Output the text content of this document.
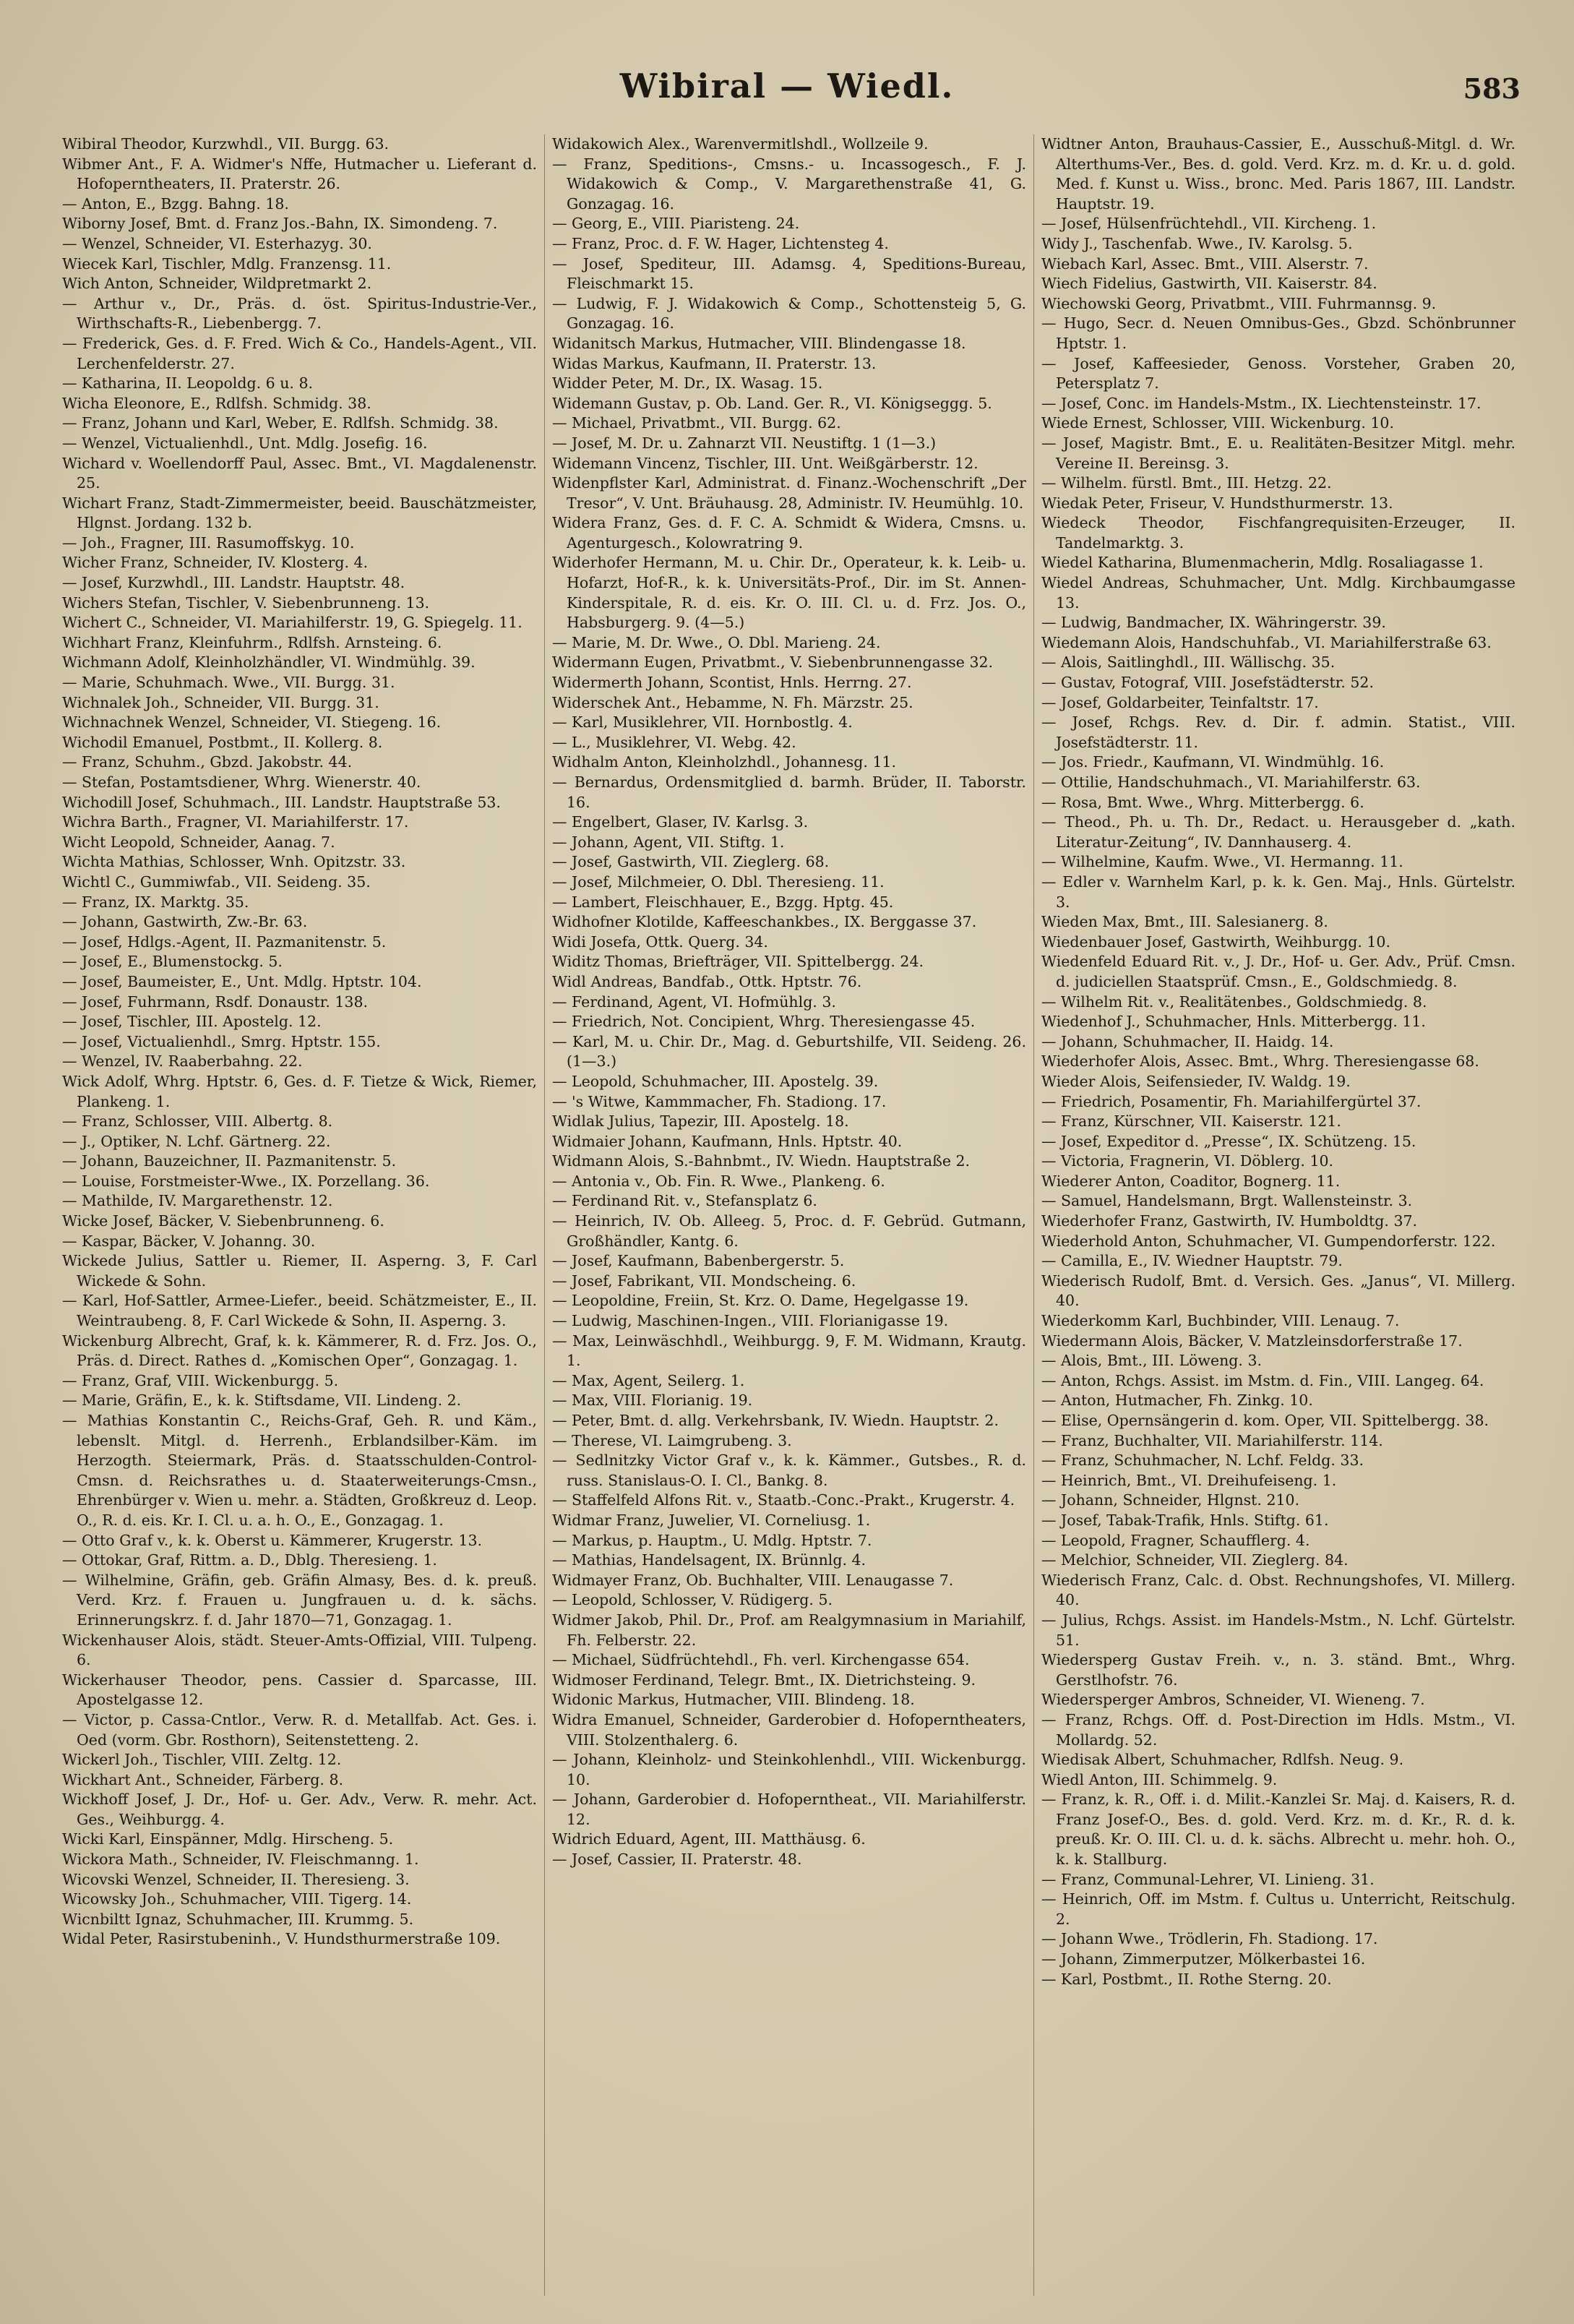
Wibiral — Wiedl.	583

Wibiral Theodor, Kurzwhdl., VII. Burgg. 63.

Wibmer Ant., F. A. Widmer's Nffe, Hutmacher u. Lieferant d. Hofoperntheaters, II. Praterstr. 26.

— Anton, E., Bzgg. Bahng. 18.

Wiborny Josef, Bmt. d. Franz Jos.-Bahn, IX. Simondeng. 7.

— Wenzel, Schneider, VI. Esterhazyg. 30.

Wiecek Karl, Tischler, Mdlg. Franzensg. 11.

Wich Anton, Schneider, Wildpretmarkt 2.

— Arthur v., Dr., Präs. d. öst. Spiritus-Industrie-Ver., Wirthschafts-R., Liebenbergg. 7.

— Frederick, Ges. d. F. Fred. Wich & Co., Handels-Agent., VII. Lerchenfelderstr. 27.

— Katharina, II. Leopoldg. 6 u. 8.

Wicha Eleonore, E., Rdlfsh. Schmidg. 38.

— Franz, Johann und Karl, Weber, E. Rdlfsh. Schmidg. 38.

— Wenzel, Victualienhdl., Unt. Mdlg. Josefig. 16.

Wichard v. Woellendorff Paul, Assec. Bmt., VI. Magdalenenstr. 25.

Wichart Franz, Stadt-Zimmermeister, beeid. Bauschätzmeister, Hlgnst. Jordang. 132 b.

— Joh., Fragner, III. Rasumoffskyg. 10.

Wicher Franz, Schneider, IV. Klosterg. 4.

— Josef, Kurzwhdl., III. Landstr. Hauptstr. 48.

Wichers Stefan, Tischler, V. Siebenbrunneng. 13.

Wichert C., Schneider, VI. Mariahilferstr. 19, G. Spiegelg. 11.

Wichhart Franz, Kleinfuhrm., Rdlfsh. Arnsteing. 6.

Wichmann Adolf, Kleinholzhändler, VI. Windmühlg. 39.

— Marie, Schuhmach. Wwe., VII. Burgg. 31.

Wichnalek Joh., Schneider, VII. Burgg. 31.

Wichnachnek Wenzel, Schneider, VI. Stiegeng. 16.

Wichodil Emanuel, Postbmt., II. Kollerg. 8.

— Franz, Schuhm., Gbzd. Jakobstr. 44.

— Stefan, Postamtsdiener, Whrg. Wienerstr. 40.

Wichodill Josef, Schuhmach., III. Landstr. Hauptstraße 53.

Wichra Barth., Fragner, VI. Mariahilferstr. 17.

Wicht Leopold, Schneider, Aanag. 7.

Wichta Mathias, Schlosser, Wnh. Opitzstr. 33.

Wichtl C., Gummiwfab., VII. Seideng. 35.

— Franz, IX. Marktg. 35.

— Johann, Gastwirth, Zw.-Br. 63.

— Josef, Hdlgs.-Agent, II. Pazmanitenstr. 5.

— Josef, E., Blumenstockg. 5.

— Josef, Baumeister, E., Unt. Mdlg. Hptstr. 104.

— Josef, Fuhrmann, Rsdf. Donaustr. 138.

— Josef, Tischler, III. Apostelg. 12.

— Josef, Victualienhdl., Smrg. Hptstr. 155.

— Wenzel, IV. Raaberbahng. 22.

Wick Adolf, Whrg. Hptstr. 6, Ges. d. F. Tietze & Wick, Riemer, Plankeng. 1.

— Franz, Schlosser, VIII. Albertg. 8.

— J., Optiker, N. Lchf. Gärtnerg. 22.

— Johann, Bauzeichner, II. Pazmanitenstr. 5.

— Louise, Forstmeister-Wwe., IX. Porzellang. 36.

— Mathilde, IV. Margarethenstr. 12.

Wicke Josef, Bäcker, V. Siebenbrunneng. 6.

— Kaspar, Bäcker, V. Johanng. 30.

Wickede Julius, Sattler u. Riemer, II. Asperng. 3, F. Carl Wickede & Sohn.

— Karl, Hof-Sattler, Armee-Liefer., beeid. Schätzmeister, E., II. Weintraubeng. 8, F. Carl Wickede & Sohn, II. Asperng. 3.

Wickenburg Albrecht, Graf, k. k. Kämmerer, R. d. Frz. Jos. O., Präs. d. Direct. Rathes d. „Komischen Oper“, Gonzagag. 1.

— Franz, Graf, VIII. Wickenburgg. 5.

— Marie, Gräfin, E., k. k. Stiftsdame, VII. Lindeng. 2.

— Mathias Konstantin C., Reichs-Graf, Geh. R. und Käm., lebenslt. Mitgl. d. Herrenh., Erblandsilber-Käm. im Herzogth. Steiermark, Präs. d. Staatsschulden-Control-Cmsn. d. Reichsrathes u. d. Staaterweiterungs-Cmsn., Ehrenbürger v. Wien u. mehr. a. Städten, Großkreuz d. Leop. O., R. d. eis. Kr. I. Cl. u. a. h. O., E., Gonzagag. 1.

— Otto Graf v., k. k. Oberst u. Kämmerer, Krugerstr. 13.

— Ottokar, Graf, Rittm. a. D., Dblg. Theresieng. 1.

— Wilhelmine, Gräfin, geb. Gräfin Almasy, Bes. d. k. preuß. Verd. Krz. f. Frauen u. Jungfrauen u. d. k. sächs. Erinnerungskrz. f. d. Jahr 1870—71, Gonzagag. 1.

Wickenhauser Alois, städt. Steuer-Amts-Offizial, VIII. Tulpeng. 6.

Wickerhauser Theodor, pens. Cassier d. Sparcasse, III. Apostelgasse 12.

— Victor, p. Cassa-Cntlor., Verw. R. d. Metallfab. Act. Ges. i. Oed (vorm. Gbr. Rosthorn), Seitenstetteng. 2.

Wickerl Joh., Tischler, VIII. Zeltg. 12.

Wickhart Ant., Schneider, Färberg. 8.

Wickhoff Josef, J. Dr., Hof- u. Ger. Adv., Verw. R. mehr. Act. Ges., Weihburgg. 4.

Wicki Karl, Einspänner, Mdlg. Hirscheng. 5.

Wickora Math., Schneider, IV. Fleischmanng. 1.

Wicovski Wenzel, Schneider, II. Theresieng. 3.

Wicowsky Joh., Schuhmacher, VIII. Tigerg. 14.

Wicnbiltt Ignaz, Schuhmacher, III. Krummg. 5.

Widal Peter, Rasirstubeninh., V. Hundsthurmerstraße 109.

Widakowich Alex., Warenvermitlshdl., Wollzeile 9.

— Franz, Speditions-, Cmsns.- u. Incassogesch., F. J. Widakowich & Comp., V. Margarethenstraße 41, G. Gonzagag. 16.

— Georg, E., VIII. Piaristeng. 24.

— Franz, Proc. d. F. W. Hager, Lichtensteg 4.

— Josef, Spediteur, III. Adamsg. 4, Speditions-Bureau, Fleischmarkt 15.

— Ludwig, F. J. Widakowich & Comp., Schottensteig 5, G. Gonzagag. 16.

Widanitsch Markus, Hutmacher, VIII. Blindengasse 18.

Widas Markus, Kaufmann, II. Praterstr. 13.

Widder Peter, M. Dr., IX. Wasag. 15.

Widemann Gustav, p. Ob. Land. Ger. R., VI. Königseggg. 5.

— Michael, Privatbmt., VII. Burgg. 62.

— Josef, M. Dr. u. Zahnarzt VII. Neustiftg. 1 (1—3.)

Widemann Vincenz, Tischler, III. Unt. Weißgärberstr. 12.

Widenpflster Karl, Administrat. d. Finanz.-Wochenschrift „Der Tresor“, V. Unt. Bräuhausg. 28, Administr. IV. Heumühlg. 10.

Widera Franz, Ges. d. F. C. A. Schmidt & Widera, Cmsns. u. Agenturgesch., Kolowratring 9.

Widerhofer Hermann, M. u. Chir. Dr., Operateur, k. k. Leib- u. Hofarzt, Hof-R., k. k. Universitäts-Prof., Dir. im St. Annen-Kinderspitale, R. d. eis. Kr. O. III. Cl. u. d. Frz. Jos. O., Habsburgerg. 9. (4—5.)

— Marie, M. Dr. Wwe., O. Dbl. Marieng. 24.

Widermann Eugen, Privatbmt., V. Siebenbrunnengasse 32.

Widermerth Johann, Scontist, Hnls. Herrng. 27.

Widerschek Ant., Hebamme, N. Fh. Märzstr. 25.

— Karl, Musiklehrer, VII. Hornbostlg. 4.

— L., Musiklehrer, VI. Webg. 42.

Widhalm Anton, Kleinholzhdl., Johannesg. 11.

— Bernardus, Ordensmitglied d. barmh. Brüder, II. Taborstr. 16.

— Engelbert, Glaser, IV. Karlsg. 3.

— Johann, Agent, VII. Stiftg. 1.

— Josef, Gastwirth, VII. Zieglerg. 68.

— Josef, Milchmeier, O. Dbl. Theresieng. 11.

— Lambert, Fleischhauer, E., Bzgg. Hptg. 45.

Widhofner Klotilde, Kaffeeschankbes., IX. Berggasse 37.

Widi Josefa, Ottk. Querg. 34.

Widitz Thomas, Briefträger, VII. Spittelbergg. 24.

Widl Andreas, Bandfab., Ottk. Hptstr. 76.

— Ferdinand, Agent, VI. Hofmühlg. 3.

— Friedrich, Not. Concipient, Whrg. Theresiengasse 45.

— Karl, M. u. Chir. Dr., Mag. d. Geburtshilfe, VII. Seideng. 26. (1—3.)

— Leopold, Schuhmacher, III. Apostelg. 39.

— 's Witwe, Kammmacher, Fh. Stadiong. 17.

Widlak Julius, Tapezir, III. Apostelg. 18.

Widmaier Johann, Kaufmann, Hnls. Hptstr. 40.

Widmann Alois, S.-Bahnbmt., IV. Wiedn. Hauptstraße 2.

— Antonia v., Ob. Fin. R. Wwe., Plankeng. 6.

— Ferdinand Rit. v., Stefansplatz 6.

— Heinrich, IV. Ob. Alleeg. 5, Proc. d. F. Gebrüd. Gutmann, Großhändler, Kantg. 6.

— Josef, Kaufmann, Babenbergerstr. 5.

— Josef, Fabrikant, VII. Mondscheing. 6.

— Leopoldine, Freiin, St. Krz. O. Dame, Hegelgasse 19.

— Ludwig, Maschinen-Ingen., VIII. Florianigasse 19.

— Max, Leinwäschhdl., Weihburgg. 9, F. M. Widmann, Krautg. 1.

— Max, Agent, Seilerg. 1.

— Max, VIII. Florianig. 19.

— Peter, Bmt. d. allg. Verkehrsbank, IV. Wiedn. Hauptstr. 2.

— Therese, VI. Laimgrubeng. 3.

— Sedlnitzky Victor Graf v., k. k. Kämmer., Gutsbes., R. d. russ. Stanislaus-O. I. Cl., Bankg. 8.

— Staffelfeld Alfons Rit. v., Staatb.-Conc.-Prakt., Krugerstr. 4.

Widmar Franz, Juwelier, VI. Corneliusg. 1.

— Markus, p. Hauptm., U. Mdlg. Hptstr. 7.

— Mathias, Handelsagent, IX. Brünnlg. 4.

Widmayer Franz, Ob. Buchhalter, VIII. Lenaugasse 7.

— Leopold, Schlosser, V. Rüdigerg. 5.

Widmer Jakob, Phil. Dr., Prof. am Realgymnasium in Mariahilf, Fh. Felberstr. 22.

— Michael, Südfrüchtehdl., Fh. verl. Kirchengasse 654.

Widmoser Ferdinand, Telegr. Bmt., IX. Dietrichsteing. 9.

Widonic Markus, Hutmacher, VIII. Blindeng. 18.

Widra Emanuel, Schneider, Garderobier d. Hofoperntheaters, VIII. Stolzenthalerg. 6.

— Johann, Kleinholz- und Steinkohlenhdl., VIII. Wickenburgg. 10.

— Johann, Garderobier d. Hofoperntheat., VII. Mariahilferstr. 12.

Widrich Eduard, Agent, III. Matthäusg. 6.

— Josef, Cassier, II. Praterstr. 48.

Widtner Anton, Brauhaus-Cassier, E., Ausschuß-Mitgl. d. Wr. Alterthums-Ver., Bes. d. gold. Verd. Krz. m. d. Kr. u. d. gold. Med. f. Kunst u. Wiss., bronc. Med. Paris 1867, III. Landstr. Hauptstr. 19.

— Josef, Hülsenfrüchtehdl., VII. Kircheng. 1.

Widy J., Taschenfab. Wwe., IV. Karolsg. 5.

Wiebach Karl, Assec. Bmt., VIII. Alserstr. 7.

Wiech Fidelius, Gastwirth, VII. Kaiserstr. 84.

Wiechowski Georg, Privatbmt., VIII. Fuhrmannsg. 9.

— Hugo, Secr. d. Neuen Omnibus-Ges., Gbzd. Schönbrunner Hptstr. 1.

— Josef, Kaffeesieder, Genoss. Vorsteher, Graben 20, Petersplatz 7.

— Josef, Conc. im Handels-Mstm., IX. Liechtensteinstr. 17.

Wiede Ernest, Schlosser, VIII. Wickenburg. 10.

— Josef, Magistr. Bmt., E. u. Realitäten-Besitzer Mitgl. mehr. Vereine II. Bereinsg. 3.

— Wilhelm. fürstl. Bmt., III. Hetzg. 22.

Wiedak Peter, Friseur, V. Hundsthurmerstr. 13.

Wiedeck Theodor, Fischfangrequisiten-Erzeuger, II. Tandelmarktg. 3.

Wiedel Katharina, Blumenmacherin, Mdlg. Rosaliagasse 1.

Wiedel Andreas, Schuhmacher, Unt. Mdlg. Kirchbaumgasse 13.

— Ludwig, Bandmacher, IX. Währingerstr. 39.

Wiedemann Alois, Handschuhfab., VI. Mariahilferstraße 63.

— Alois, Saitlinghdl., III. Wällischg. 35.

— Gustav, Fotograf, VIII. Josefstädterstr. 52.

— Josef, Goldarbeiter, Teinfaltstr. 17.

— Josef, Rchgs. Rev. d. Dir. f. admin. Statist., VIII. Josefstädterstr. 11.

— Jos. Friedr., Kaufmann, VI. Windmühlg. 16.

— Ottilie, Handschuhmach., VI. Mariahilferstr. 63.

— Rosa, Bmt. Wwe., Whrg. Mitterbergg. 6.

— Theod., Ph. u. Th. Dr., Redact. u. Herausgeber d. „kath. Literatur-Zeitung“, IV. Dannhauserg. 4.

— Wilhelmine, Kaufm. Wwe., VI. Hermanng. 11.

— Edler v. Warnhelm Karl, p. k. k. Gen. Maj., Hnls. Gürtelstr. 3.

Wieden Max, Bmt., III. Salesianerg. 8.

Wiedenbauer Josef, Gastwirth, Weihburgg. 10.

Wiedenfeld Eduard Rit. v., J. Dr., Hof- u. Ger. Adv., Prüf. Cmsn. d. judiciellen Staatsprüf. Cmsn., E., Goldschmiedg. 8.

— Wilhelm Rit. v., Realitätenbes., Goldschmiedg. 8.

Wiedenhof J., Schuhmacher, Hnls. Mitterbergg. 11.

— Johann, Schuhmacher, II. Haidg. 14.

Wiederhofer Alois, Assec. Bmt., Whrg. Theresiengasse 68.

Wieder Alois, Seifensieder, IV. Waldg. 19.

— Friedrich, Posamentir, Fh. Mariahilfergürtel 37.

— Franz, Kürschner, VII. Kaiserstr. 121.

— Josef, Expeditor d. „Presse“, IX. Schützeng. 15.

— Victoria, Fragnerin, VI. Döblerg. 10.

Wiederer Anton, Coaditor, Bognerg. 11.

— Samuel, Handelsmann, Brgt. Wallensteinstr. 3.

Wiederhofer Franz, Gastwirth, IV. Humboldtg. 37.

Wiederhold Anton, Schuhmacher, VI. Gumpendorferstr. 122.

— Camilla, E., IV. Wiedner Hauptstr. 79.

Wiederisch Rudolf, Bmt. d. Versich. Ges. „Janus“, VI. Millerg. 40.

Wiederkomm Karl, Buchbinder, VIII. Lenaug. 7.

Wiedermann Alois, Bäcker, V. Matzleinsdorferstraße 17.

— Alois, Bmt., III. Löweng. 3.

— Anton, Rchgs. Assist. im Mstm. d. Fin., VIII. Langeg. 64.

— Anton, Hutmacher, Fh. Zinkg. 10.

— Elise, Opernsängerin d. kom. Oper, VII. Spittelbergg. 38.

— Franz, Buchhalter, VII. Mariahilferstr. 114.

— Franz, Schuhmacher, N. Lchf. Feldg. 33.

— Heinrich, Bmt., VI. Dreihufeiseng. 1.

— Johann, Schneider, Hlgnst. 210.

— Josef, Tabak-Trafik, Hnls. Stiftg. 61.

— Leopold, Fragner, Schaufflerg. 4.

— Melchior, Schneider, VII. Zieglerg. 84.

Wiederisch Franz, Calc. d. Obst. Rechnungshofes, VI. Millerg. 40.

— Julius, Rchgs. Assist. im Handels-Mstm., N. Lchf. Gürtelstr. 51.

Wiedersperg Gustav Freih. v., n. 3. ständ. Bmt., Whrg. Gerstlhofstr. 76.

Wiedersperger Ambros, Schneider, VI. Wieneng. 7.

— Franz, Rchgs. Off. d. Post-Direction im Hdls. Mstm., VI. Mollardg. 52.

Wiedisak Albert, Schuhmacher, Rdlfsh. Neug. 9.

Wiedl Anton, III. Schimmelg. 9.

— Franz, k. R., Off. i. d. Milit.-Kanzlei Sr. Maj. d. Kaisers, R. d. Franz Josef-O., Bes. d. gold. Verd. Krz. m. d. Kr., R. d. k. preuß. Kr. O. III. Cl. u. d. k. sächs. Albrecht u. mehr. hoh. O., k. k. Stallburg.

— Franz, Communal-Lehrer, VI. Linieng. 31.

— Heinrich, Off. im Mstm. f. Cultus u. Unterricht, Reitschulg. 2.

— Johann Wwe., Trödlerin, Fh. Stadiong. 17.

— Johann, Zimmerputzer, Mölkerbastei 16.

— Karl, Postbmt., II. Rothe Sterng. 20.
